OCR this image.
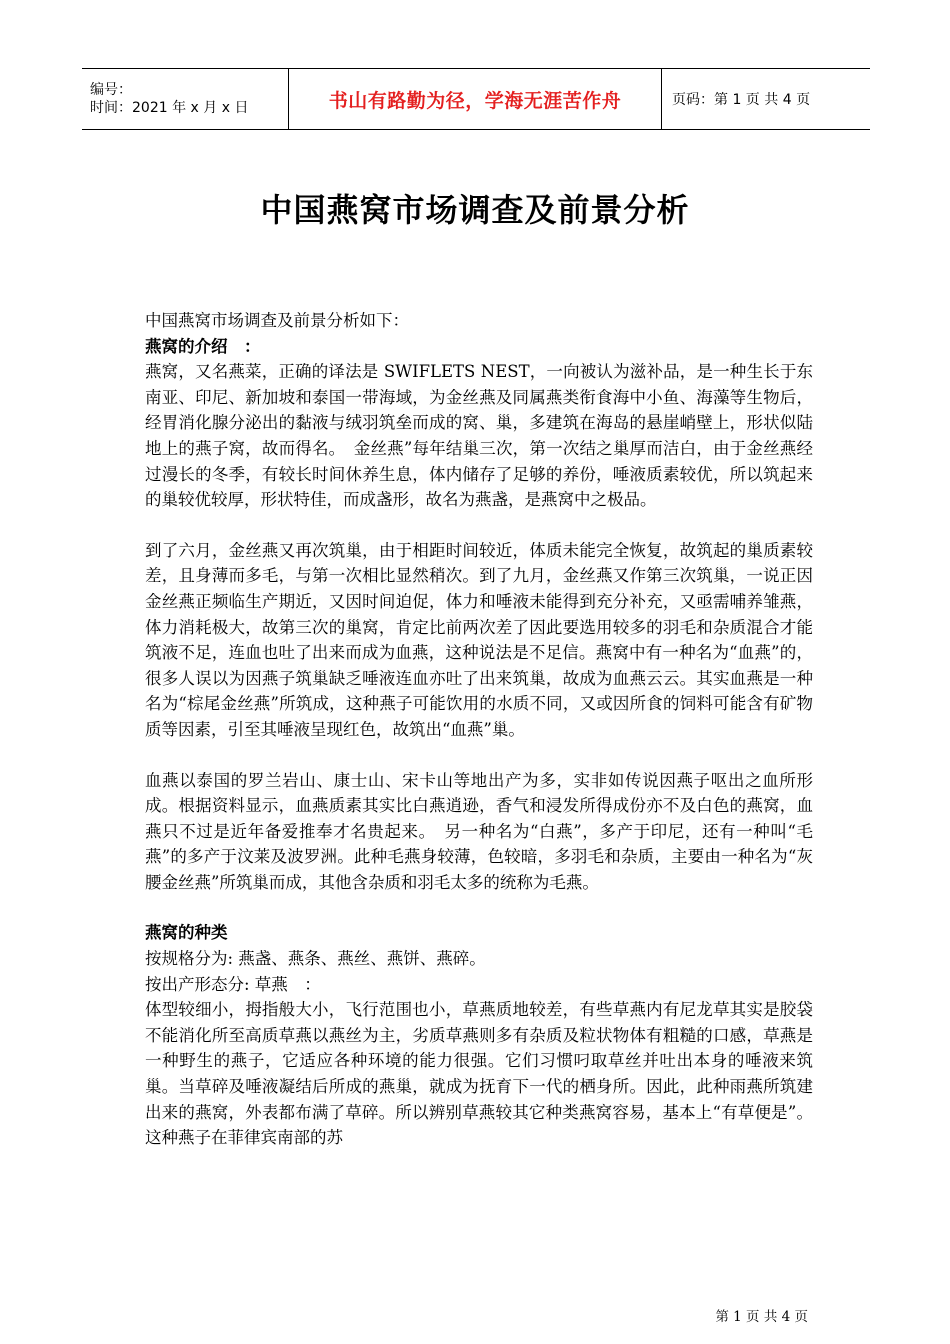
编号：
时间：2021 年 x 月 x 日	书山有路勤为径，学海无涯苦作舟	页码：第 1 页 共 4 页
中国燕窝市场调查及前景分析

中国燕窝市场调查及前景分析如下：

燕窝的介绍　：

燕窝，又名燕菜，正确的译法是 SWIFLETS NEST，一向被认为滋补品，是一种生长于东南亚、印尼、新加坡和泰国一带海域，为金丝燕及同属燕类衔食海中小鱼、海藻等生物后，经胃消化腺分泌出的黏液与绒羽筑垒而成的窝、巢，多建筑在海岛的悬崖峭壁上，形状似陆地上的燕子窝，故而得名。　金丝燕”每年结巢三次，第一次结之巢厚而洁白，由于金丝燕经过漫长的冬季，有较长时间休养生息，体内储存了足够的养份，唾液质素较优，所以筑起来的巢较优较厚，形状特佳，而成盏形，故名为燕盏，是燕窝中之极品。

到了六月，金丝燕又再次筑巢，由于相距时间较近，体质未能完全恢复，故筑起的巢质素较差，且身薄而多毛，与第一次相比显然稍次。到了九月，金丝燕又作第三次筑巢，一说正因金丝燕正频临生产期近，又因时间迫促，体力和唾液未能得到充分补充，又亟需哺养雏燕，体力消耗极大，故第三次的巢窝，肯定比前两次差了因此要选用较多的羽毛和杂质混合才能筑液不足，连血也吐了出来而成为血燕，这种说法是不足信。燕窝中有一种名为“血燕”的，很多人误以为因燕子筑巢缺乏唾液连血亦吐了出来筑巢，故成为血燕云云。其实血燕是一种名为“棕尾金丝燕”所筑成，这种燕子可能饮用的水质不同，又或因所食的饲料可能含有矿物质等因素，引至其唾液呈现红色，故筑出“血燕”巢。

血燕以泰国的罗兰岩山、康士山、宋卡山等地出产为多，实非如传说因燕子呕出之血所形成。根据资料显示，血燕质素其实比白燕逍逊，香气和浸发所得成份亦不及白色的燕窝，血燕只不过是近年备爱推奉才名贵起来。　另一种名为“白燕”，多产于印尼，还有一种叫“毛燕”的多产于汶莱及波罗洲。此种毛燕身较薄，色较暗，多羽毛和杂质，主要由一种名为“灰腰金丝燕”所筑巢而成，其他含杂质和羽毛太多的统称为毛燕。

燕窝的种类

按规格分为: 燕盏、燕条、燕丝、燕饼、燕碎。

按出产形态分: 草燕　：

体型较细小，拇指般大小，飞行范围也小，草燕质地较差，有些草燕内有尼龙草其实是胶袋不能消化所至高质草燕以燕丝为主，劣质草燕则多有杂质及粒状物体有粗糙的口感，草燕是一种野生的燕子，它适应各种环境的能力很强。它们习惯叼取草丝并吐出本身的唾液来筑巢。当草碎及唾液凝结后所成的燕巢，就成为抚育下一代的栖身所。因此，此种雨燕所筑建出来的燕窝，外表都布满了草碎。所以辨别草燕较其它种类燕窝容易，基本上“有草便是”。这种燕子在菲律宾南部的苏

第 1 页 共 4 页
